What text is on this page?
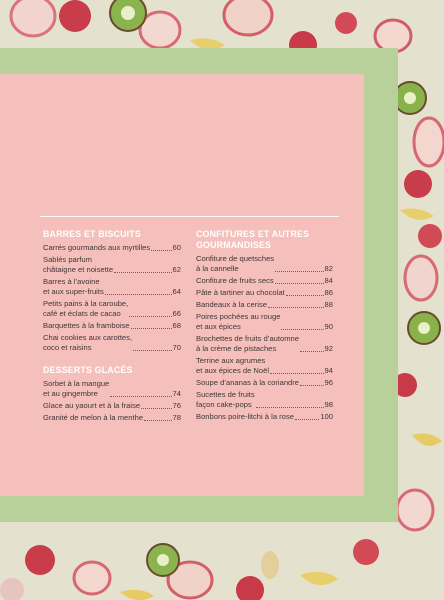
BARRES ET BISCUITS
Carrés gourmands aux myrtilles	60
Sablés parfum
châtaigne et noisette	62
Barres à l’avoine
et aux super-fruits	64
Petits pains à la caroube,
café et éclats de cacao	66
Barquettes à la framboise	68
Chai cookies aux carottes,
coco et raisins	70
DESSERTS GLACÉS
Sorbet à la mangue
et au gingembre	74
Glace au yaourt et à la fraise	76
Granité de melon à la menthe	78
CONFITURES ET AUTRES
GOURMANDISES
Confiture de quetsches
à la cannelle	82
Confiture de fruits secs	84
Pâte à tartiner au chocolat	86
Bandeaux à la cerise	88
Poires pochées au rouge
et aux épices	90
Brochettes de fruits d’automne
à la crème de pistaches	92
Terrine aux agrumes
et aux épices de Noël	94
Soupe d’ananas à la coriandre	96
Sucettes de fruits
façon cake-pops	98
Bonbons poire-litchi à la rose	100
